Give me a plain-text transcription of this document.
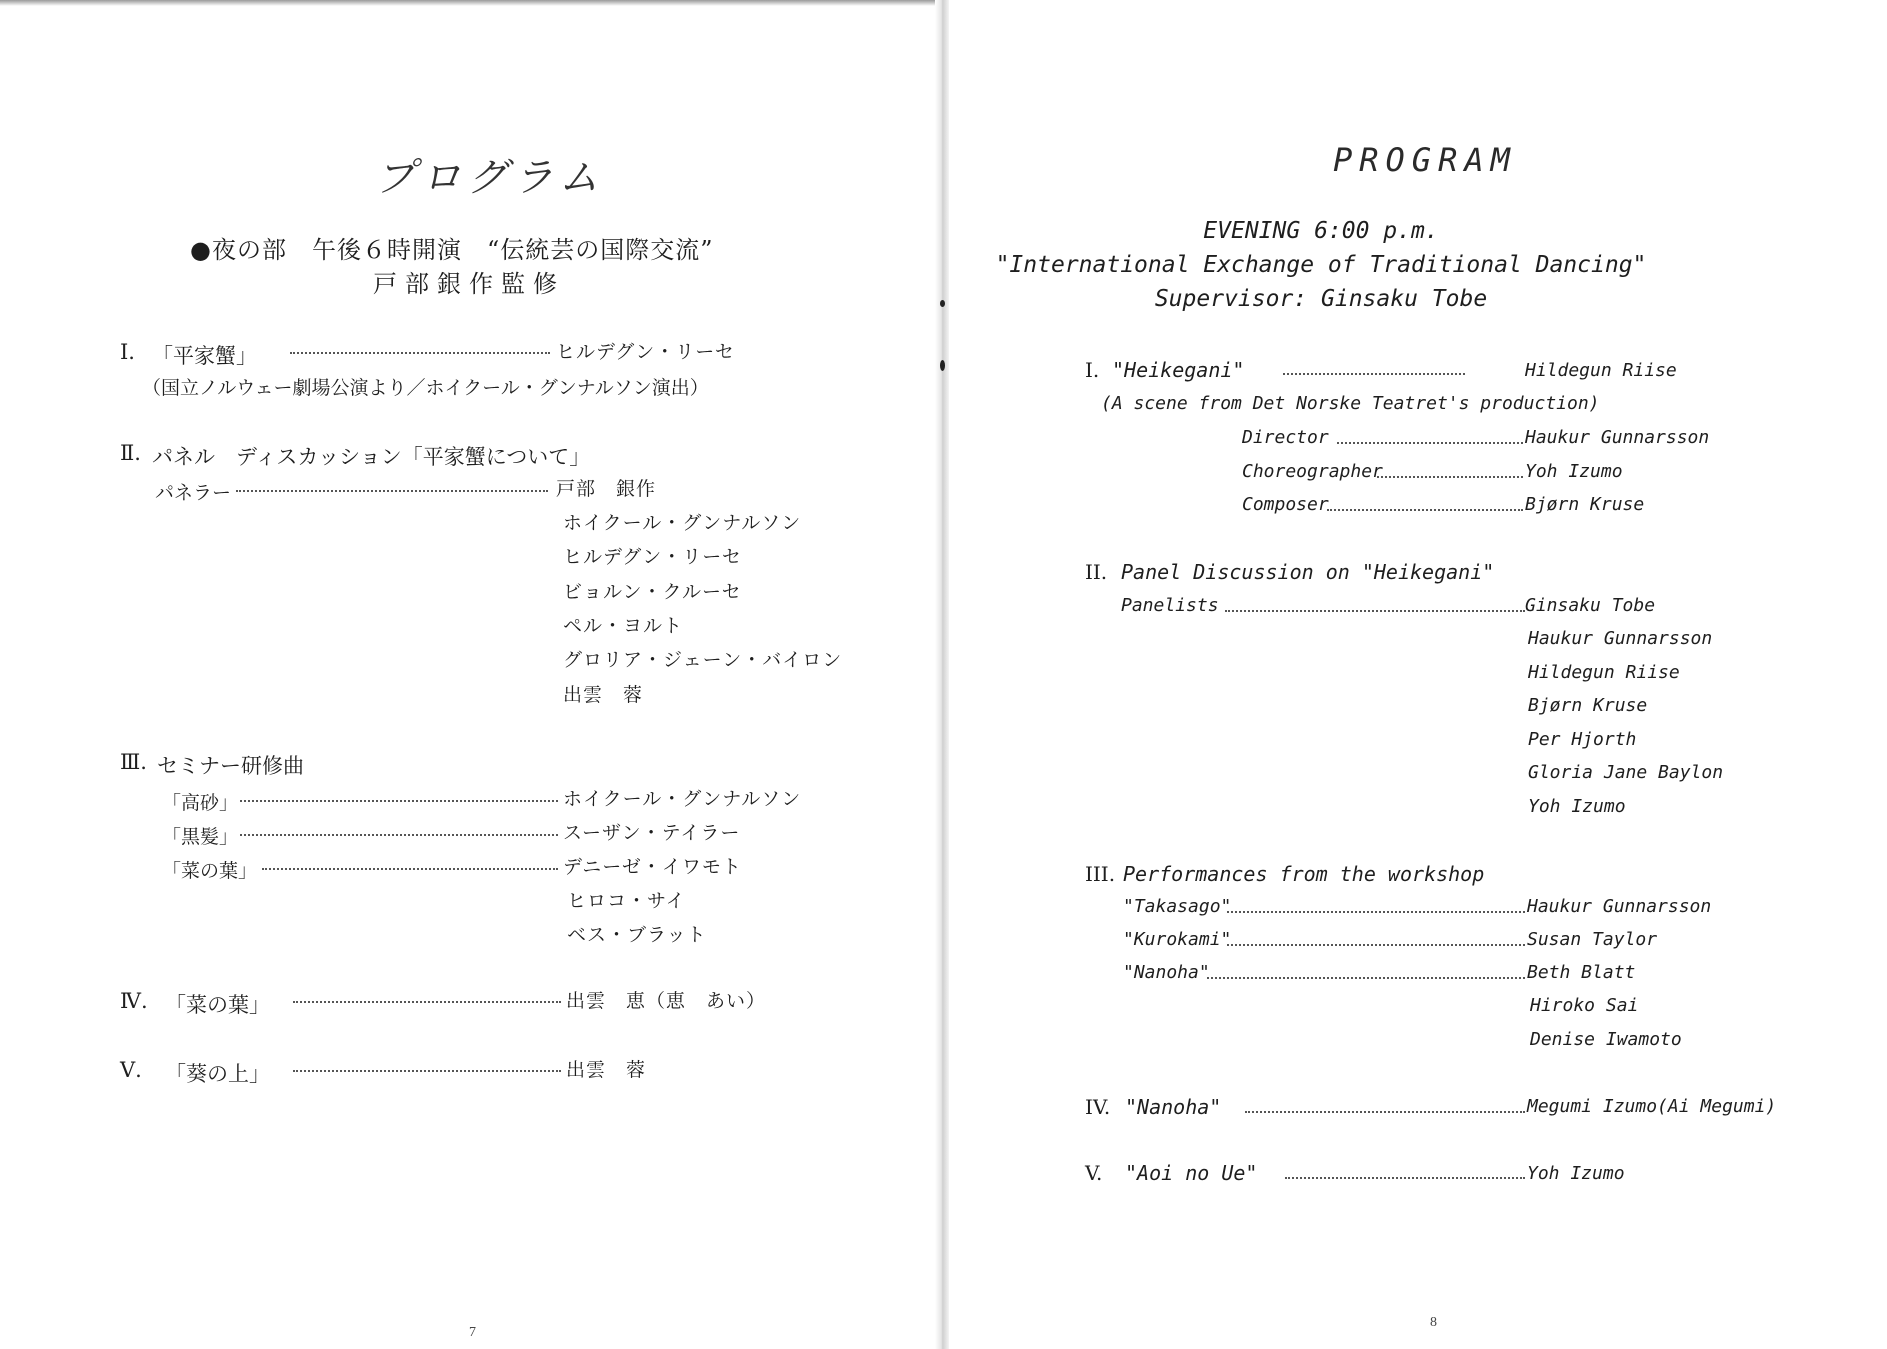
プログラム
●夜の部　午後６時開演　“伝統芸の国際交流”
戸部銀作監修
Ⅰ. 「平家蟹」	ヒルデグン・リーセ
（国立ノルウェー劇場公演より／ホイクール・グンナルソン演出）
Ⅱ. パネル　ディスカッション「平家蟹について」
パネラー	戸部　銀作
ホイクール・グンナルソン
ヒルデグン・リーセ
ビョルン・クルーセ
ペル・ヨルト
グロリア・ジェーン・バイロン
出雲　蓉
Ⅲ. セミナー研修曲
「高砂」	ホイクール・グンナルソン
「黒髪」	スーザン・テイラー
「菜の葉」	デニーゼ・イワモト
ヒロコ・サイ
ベス・ブラット
Ⅳ. 「菜の葉」	出雲　恵（恵　あい）
Ⅴ. 「葵の上」	出雲　蓉
7
PROGRAM
EVENING 6:00 p.m.
"International Exchange of Traditional Dancing"
Supervisor: Ginsaku Tobe
I. "Heikegani"	Hildegun Riise
(A scene from Det Norske Teatret's production)
Director	Haukur Gunnarsson
Choreographer	Yoh Izumo
Composer	Bjørn Kruse
II. Panel Discussion on "Heikegani"
Panelists	Ginsaku Tobe
Haukur Gunnarsson
Hildegun Riise
Bjørn Kruse
Per Hjorth
Gloria Jane Baylon
Yoh Izumo
III. Performances from the workshop
"Takasago"	Haukur Gunnarsson
"Kurokami"	Susan Taylor
"Nanoha"	Beth Blatt
Hiroko Sai
Denise Iwamoto
IV. "Nanoha"	Megumi Izumo(Ai Megumi)
V. "Aoi no Ue"	Yoh Izumo
8
